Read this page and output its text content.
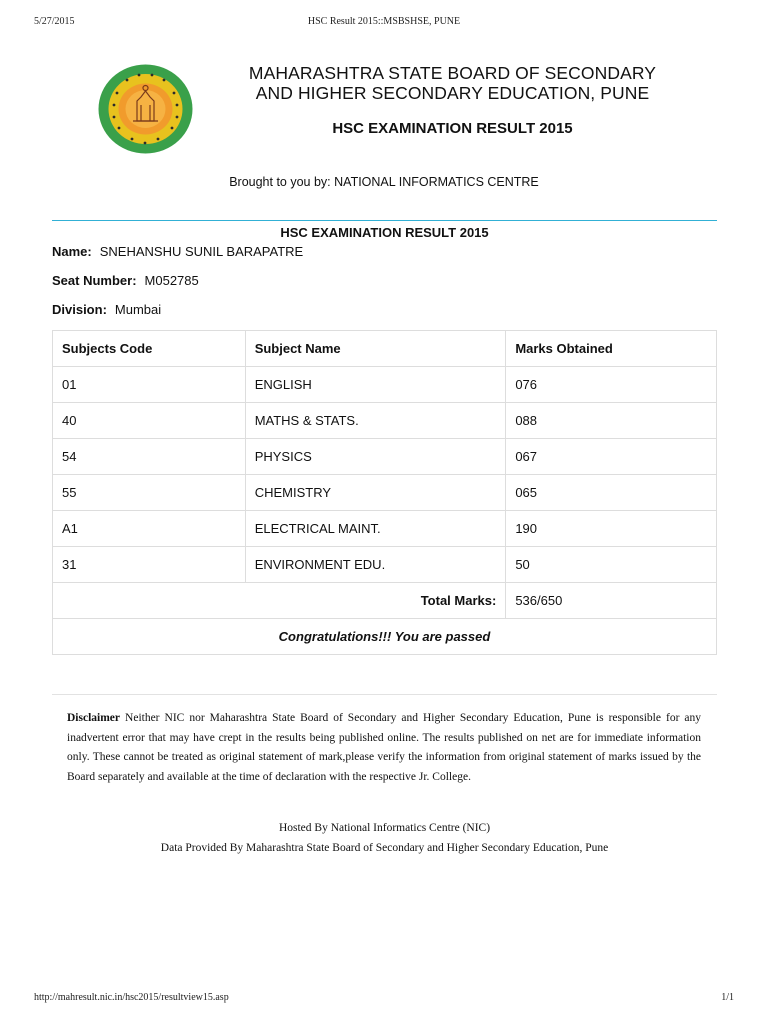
5/27/2015	HSC Result 2015::MSBSHSE, PUNE
MAHARASHTRA STATE BOARD OF SECONDARY
AND HIGHER SECONDARY EDUCATION, PUNE
HSC EXAMINATION RESULT 2015
Brought to you by: NATIONAL INFORMATICS CENTRE
HSC EXAMINATION RESULT 2015
Name: SNEHANSHU SUNIL BARAPATRE
Seat Number: M052785
Division: Mumbai
Subjects Code	Subject Name	Marks Obtained
01	ENGLISH	076
40	MATHS & STATS.	088
54	PHYSICS	067
55	CHEMISTRY	065
A1	ELECTRICAL MAINT.	190
31	ENVIRONMENT EDU.	50
Total Marks:		536/650
Congratulations!!! You are passed		
Disclaimer Neither NIC nor Maharashtra State Board of Secondary and Higher Secondary Education, Pune is responsible for any inadvertent error that may have crept in the results being published online. The results published on net are for immediate information only. These cannot be treated as original statement of mark,please verify the information from original statement of marks issued by the Board separately and available at the time of declaration with the respective Jr. College.
Hosted By National Informatics Centre (NIC)
Data Provided By Maharashtra State Board of Secondary and Higher Secondary Education, Pune
http://mahresult.nic.in/hsc2015/resultview15.asp	1/1
